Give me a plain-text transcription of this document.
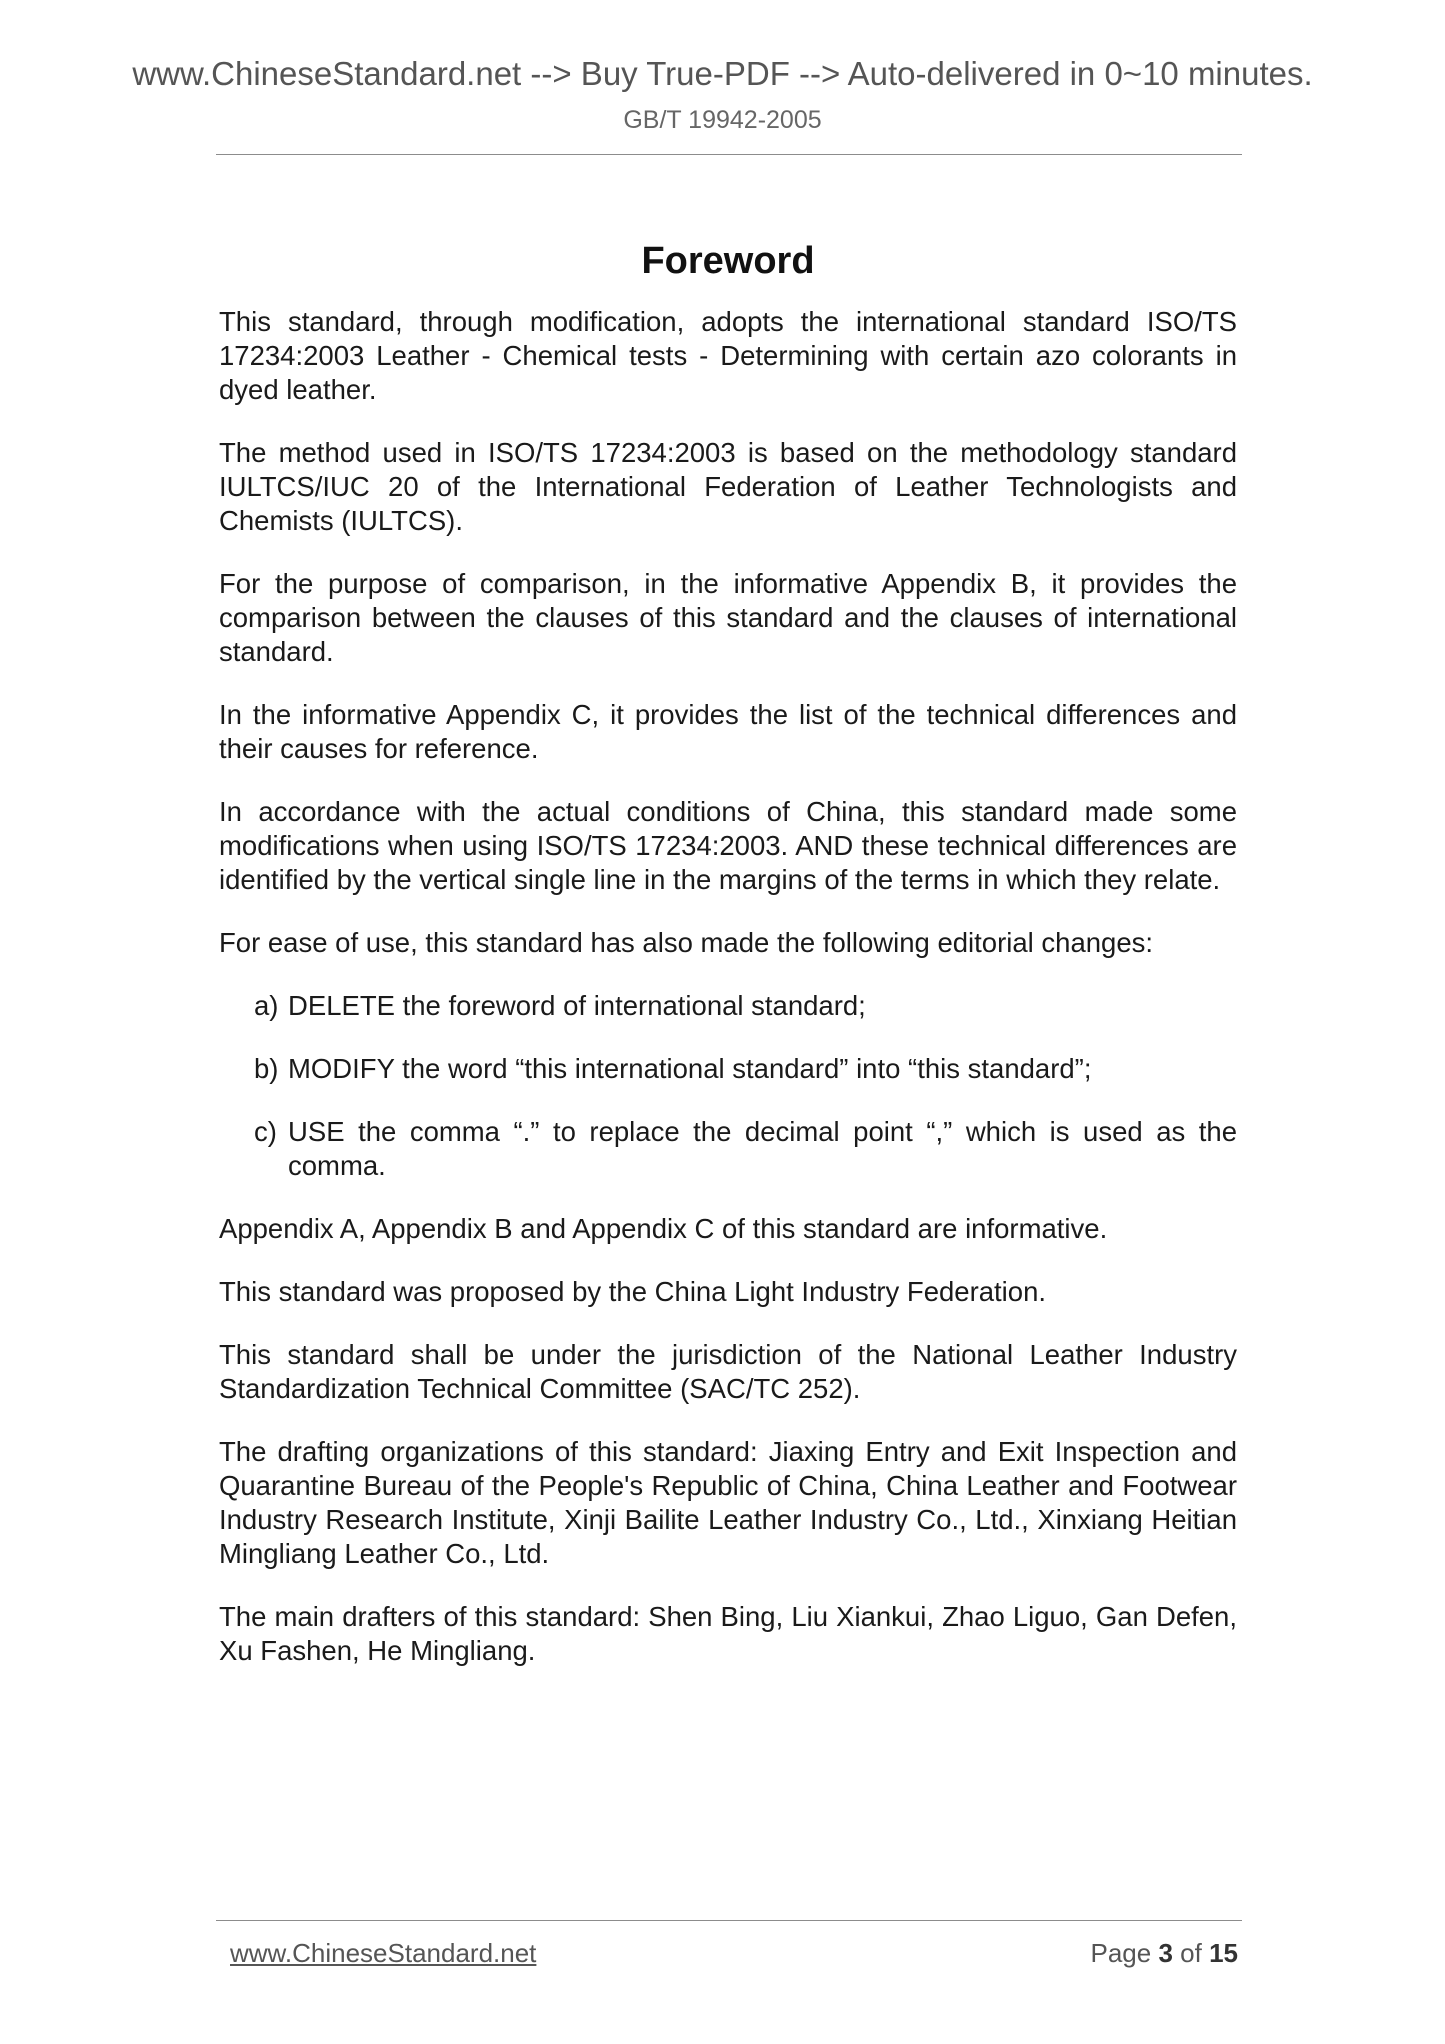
www.ChineseStandard.net --> Buy True-PDF --> Auto-delivered in 0~10 minutes.
GB/T 19942-2005
Foreword

This standard, through modification, adopts the international standard ISO/TS 17234:2003 Leather - Chemical tests - Determining with certain azo colorants in dyed leather.

The method used in ISO/TS 17234:2003 is based on the methodology standard IULTCS/IUC 20 of the International Federation of Leather Technologists and Chemists (IULTCS).

For the purpose of comparison, in the informative Appendix B, it provides the comparison between the clauses of this standard and the clauses of international standard.

In the informative Appendix C, it provides the list of the technical differences and their causes for reference.

In accordance with the actual conditions of China, this standard made some modifications when using ISO/TS 17234:2003. AND these technical differences are identified by the vertical single line in the margins of the terms in which they relate.

For ease of use, this standard has also made the following editorial changes:

a) DELETE the foreword of international standard;
b) MODIFY the word “this international standard” into “this standard”;
c) USE the comma “.” to replace the decimal point “,” which is used as the comma.

Appendix A, Appendix B and Appendix C of this standard are informative.

This standard was proposed by the China Light Industry Federation.

This standard shall be under the jurisdiction of the National Leather Industry Standardization Technical Committee (SAC/TC 252).

The drafting organizations of this standard: Jiaxing Entry and Exit Inspection and Quarantine Bureau of the People's Republic of China, China Leather and Footwear Industry Research Institute, Xinji Bailite Leather Industry Co., Ltd., Xinxiang Heitian Mingliang Leather Co., Ltd.

The main drafters of this standard: Shen Bing, Liu Xiankui, Zhao Liguo, Gan Defen, Xu Fashen, He Mingliang.

www.ChineseStandard.net	Page 3 of 15
